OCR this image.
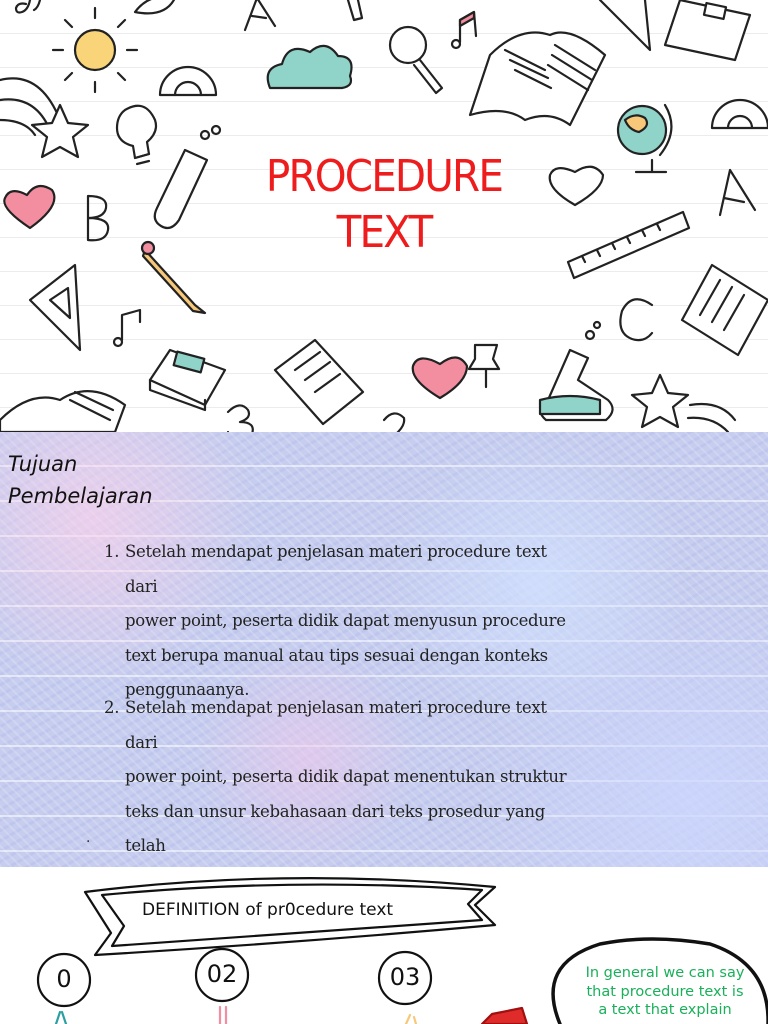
PROCEDURE
TEXT
Tujuan
Pembelajaran
1. Setelah mendapat penjelasan materi procedure text dari
power point, peserta didik dapat menyusun procedure
text berupa manual atau tips sesuai dengan konteks
penggunaanya.
2. Setelah mendapat penjelasan materi procedure text dari
power point, peserta didik dapat menentukan struktur
teks dan unsur kebahasaan dari teks prosedur yang telah
.
DEFINITION of pr0cedure text
0	02	03	In general we can say
that procedure text is
a text that explain
